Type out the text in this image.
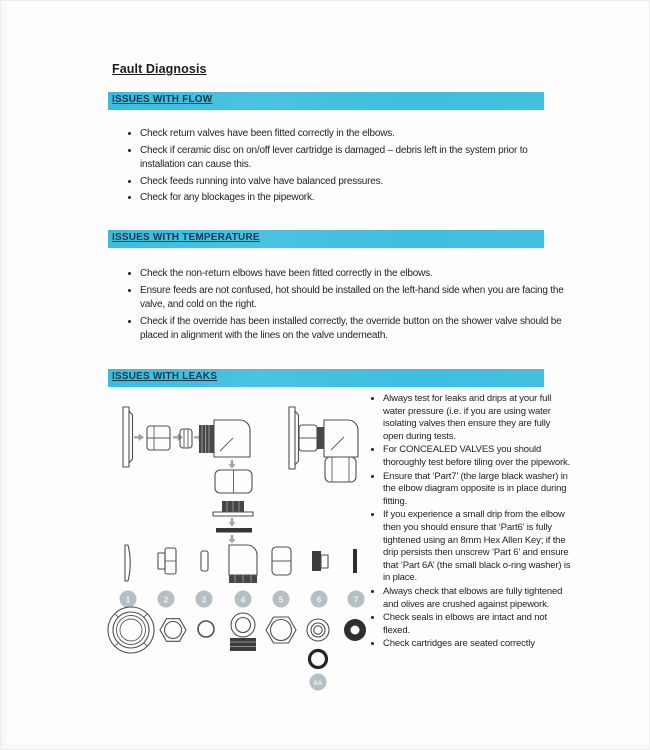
Fault Diagnosis
ISSUES WITH FLOW
• Check return valves have been fitted correctly in the elbows.
• Check if ceramic disc on on/off lever cartridge is damaged – debris left in the system prior to installation can cause this.
• Check feeds running into valve have balanced pressures.
• Check for any blockages in the pipework.
ISSUES WITH TEMPERATURE
• Check the non-return elbows have been fitted correctly in the elbows.
• Ensure feeds are not confused, hot should be installed on the left-hand side when you are facing the valve, and cold on the right.
• Check if the override has been installed correctly, the override button on the shower valve should be placed in alignment with the lines on the valve underneath.
ISSUES WITH LEAKS
1	2	3	4	5	6	7
6A
• Always test for leaks and drips at your full water pressure (i.e. if you are using water isolating valves then ensure they are fully open during tests.
• For CONCEALED VALVES you should thoroughly test before tiling over the pipework.
• Ensure that ‘Part7’ (the large black washer) in the elbow diagram opposite is in place during fitting.
• If you experience a small drip from the elbow then you should ensure that ‘Part6’ is fully tightened using an 8mm Hex Allen Key; if the drip persists then unscrew ‘Part 6’ and ensure that ‘Part 6A’ (the small black o-ring washer) is in place.
• Always check that elbows are fully tightened and olives are crushed against pipework.
• Check seals in elbows are intact and not flexed.
• Check cartridges are seated correctly
